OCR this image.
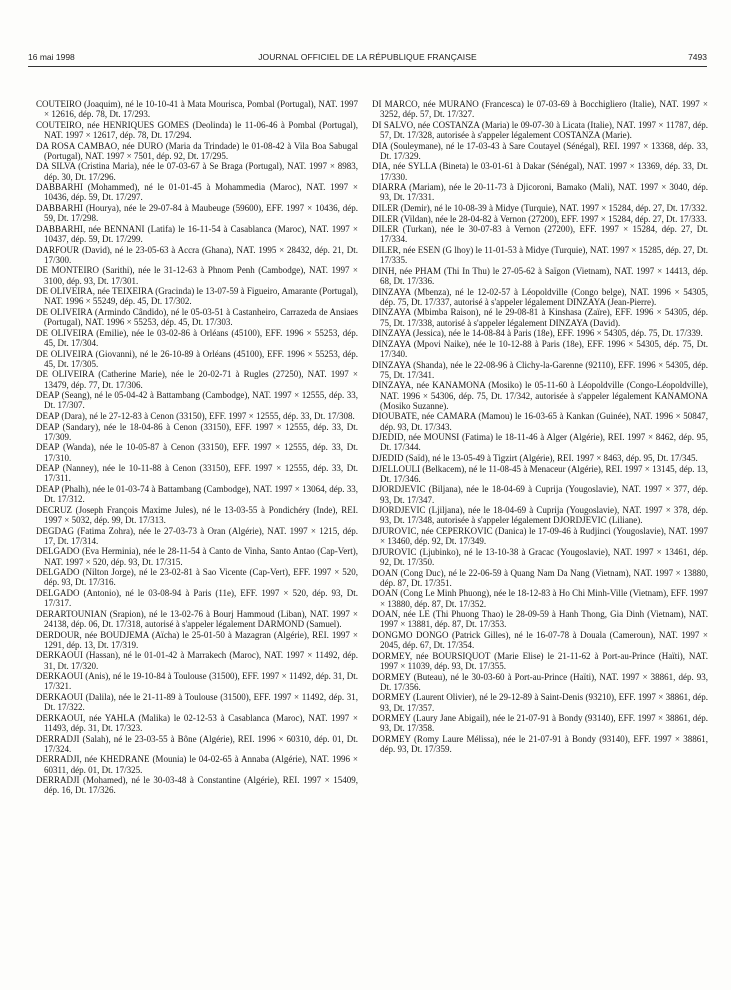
16 mai 1998	JOURNAL OFFICIEL DE LA RÉPUBLIQUE FRANÇAISE	7493

COUTEIRO (Joaquim), né le 10-10-41 à Mata Mourisca, Pombal (Portugal), NAT. 1997 × 12616, dép. 78, Dt. 17/293.

COUTEIRO, née HENRIQUES GOMES (Deolinda) le 11-06-46 à Pombal (Portugal), NAT. 1997 × 12617, dép. 78, Dt. 17/294.

DA ROSA CAMBAO, née DURO (Maria da Trindade) le 01-08-42 à Vila Boa Sabugal (Portugal), NAT. 1997 × 7501, dép. 92, Dt. 17/295.

DA SILVA (Cristina Maria), née le 07-03-67 à Se Braga (Portugal), NAT. 1997 × 8983, dép. 30, Dt. 17/296.

DABBARHI (Mohammed), né le 01-01-45 à Mohammedia (Maroc), NAT. 1997 × 10436, dép. 59, Dt. 17/297.

DABBARHI (Hourya), née le 29-07-84 à Maubeuge (59600), EFF. 1997 × 10436, dép. 59, Dt. 17/298.

DABBARHI, née BENNANI (Latifa) le 16-11-54 à Casablanca (Maroc), NAT. 1997 × 10437, dép. 59, Dt. 17/299.

DARFOUR (David), né le 23-05-63 à Accra (Ghana), NAT. 1995 × 28432, dép. 21, Dt. 17/300.

DE MONTEIRO (Sarithi), née le 31-12-63 à Phnom Penh (Cambodge), NAT. 1997 × 3100, dép. 93, Dt. 17/301.

DE OLIVEIRA, née TEIXEIRA (Gracinda) le 13-07-59 à Figueiro, Amarante (Portugal), NAT. 1996 × 55249, dép. 45, Dt. 17/302.

DE OLIVEIRA (Armindo Cândido), né le 05-03-51 à Castanheiro, Carrazeda de Ansiaes (Portugal), NAT. 1996 × 55253, dép. 45, Dt. 17/303.

DE OLIVEIRA (Emilie), née le 03-02-86 à Orléans (45100), EFF. 1996 × 55253, dép. 45, Dt. 17/304.

DE OLIVEIRA (Giovanni), né le 26-10-89 à Orléans (45100), EFF. 1996 × 55253, dép. 45, Dt. 17/305.

DE OLIVEIRA (Catherine Marie), née le 20-02-71 à Rugles (27250), NAT. 1997 × 13479, dép. 77, Dt. 17/306.

DEAP (Seang), né le 05-04-42 à Battambang (Cambodge), NAT. 1997 × 12555, dép. 33, Dt. 17/307.

DEAP (Dara), né le 27-12-83 à Cenon (33150), EFF. 1997 × 12555, dép. 33, Dt. 17/308.

DEAP (Sandary), née le 18-04-86 à Cenon (33150), EFF. 1997 × 12555, dép. 33, Dt. 17/309.

DEAP (Wanda), née le 10-05-87 à Cenon (33150), EFF. 1997 × 12555, dép. 33, Dt. 17/310.

DEAP (Nanney), née le 10-11-88 à Cenon (33150), EFF. 1997 × 12555, dép. 33, Dt. 17/311.

DEAP (Phalh), née le 01-03-74 à Battambang (Cambodge), NAT. 1997 × 13064, dép. 33, Dt. 17/312.

DECRUZ (Joseph François Maxime Jules), né le 13-03-55 à Pondichéry (Inde), REI. 1997 × 5032, dép. 99, Dt. 17/313.

DEGDAG (Fatima Zohra), née le 27-03-73 à Oran (Algérie), NAT. 1997 × 1215, dép. 17, Dt. 17/314.

DELGADO (Eva Herminia), née le 28-11-54 à Canto de Vinha, Santo Antao (Cap-Vert), NAT. 1997 × 520, dép. 93, Dt. 17/315.

DELGADO (Nilton Jorge), né le 23-02-81 à Sao Vicente (Cap-Vert), EFF. 1997 × 520, dép. 93, Dt. 17/316.

DELGADO (Antonio), né le 03-08-94 à Paris (11e), EFF. 1997 × 520, dép. 93, Dt. 17/317.

DERARTOUNIAN (Srapion), né le 13-02-76 à Bourj Hammoud (Liban), NAT. 1997 × 24138, dép. 06, Dt. 17/318, autorisé à s'appeler légalement DARMOND (Samuel).

DERDOUR, née BOUDJEMA (Aïcha) le 25-01-50 à Mazagran (Algérie), REI. 1997 × 1291, dép. 13, Dt. 17/319.

DERKAOUI (Hassan), né le 01-01-42 à Marrakech (Maroc), NAT. 1997 × 11492, dép. 31, Dt. 17/320.

DERKAOUI (Anis), né le 19-10-84 à Toulouse (31500), EFF. 1997 × 11492, dép. 31, Dt. 17/321.

DERKAOUI (Dalila), née le 21-11-89 à Toulouse (31500), EFF. 1997 × 11492, dép. 31, Dt. 17/322.

DERKAOUI, née YAHLA (Malika) le 02-12-53 à Casablanca (Maroc), NAT. 1997 × 11493, dép. 31, Dt. 17/323.

DERRADJI (Salah), né le 23-03-55 à Bône (Algérie), REI. 1996 × 60310, dép. 01, Dt. 17/324.

DERRADJI, née KHEDRANE (Mounia) le 04-02-65 à Annaba (Algérie), NAT. 1996 × 60311, dép. 01, Dt. 17/325.

DERRADJI (Mohamed), né le 30-03-48 à Constantine (Algérie), REI. 1997 × 15409, dép. 16, Dt. 17/326.

DI MARCO, née MURANO (Francesca) le 07-03-69 à Bocchigliero (Italie), NAT. 1997 × 3252, dép. 57, Dt. 17/327.

DI SALVO, née COSTANZA (Maria) le 09-07-30 à Licata (Italie), NAT. 1997 × 11787, dép. 57, Dt. 17/328, autorisée à s'appeler légalement COSTANZA (Marie).

DIA (Souleymane), né le 17-03-43 à Sare Coutayel (Sénégal), REI. 1997 × 13368, dép. 33, Dt. 17/329.

DIA, née SYLLA (Bineta) le 03-01-61 à Dakar (Sénégal), NAT. 1997 × 13369, dép. 33, Dt. 17/330.

DIARRA (Mariam), née le 20-11-73 à Djicoroni, Bamako (Mali), NAT. 1997 × 3040, dép. 93, Dt. 17/331.

DILER (Demir), né le 10-08-39 à Midye (Turquie), NAT. 1997 × 15284, dép. 27, Dt. 17/332.

DILER (Vildan), née le 28-04-82 à Vernon (27200), EFF. 1997 × 15284, dép. 27, Dt. 17/333.

DILER (Turkan), née le 30-07-83 à Vernon (27200), EFF. 1997 × 15284, dép. 27, Dt. 17/334.

DILER, née ESEN (G lhoy) le 11-01-53 à Midye (Turquie), NAT. 1997 × 15285, dép. 27, Dt. 17/335.

DINH, née PHAM (Thi In Thu) le 27-05-62 à Saïgon (Vietnam), NAT. 1997 × 14413, dép. 68, Dt. 17/336.

DINZAYA (Mbenza), né le 12-02-57 à Léopoldville (Congo belge), NAT. 1996 × 54305, dép. 75, Dt. 17/337, autorisé à s'appeler légalement DINZAYA (Jean-Pierre).

DINZAYA (Mbimba Raison), né le 29-08-81 à Kinshasa (Zaïre), EFF. 1996 × 54305, dép. 75, Dt. 17/338, autorisé à s'appeler légalement DINZAYA (David).

DINZAYA (Jessica), née le 14-08-84 à Paris (18e), EFF. 1996 × 54305, dép. 75, Dt. 17/339.

DINZAYA (Mpovi Naike), née le 10-12-88 à Paris (18e), EFF. 1996 × 54305, dép. 75, Dt. 17/340.

DINZAYA (Shanda), née le 22-08-96 à Clichy-la-Garenne (92110), EFF. 1996 × 54305, dép. 75, Dt. 17/341.

DINZAYA, née KANAMONA (Mosiko) le 05-11-60 à Léopoldville (Congo-Léopoldville), NAT. 1996 × 54306, dép. 75, Dt. 17/342, autorisée à s'appeler légalement KANAMONA (Mosiko Suzanne).

DIOUBATE, née CAMARA (Mamou) le 16-03-65 à Kankan (Guinée), NAT. 1996 × 50847, dép. 93, Dt. 17/343.

DJEDID, née MOUNSI (Fatima) le 18-11-46 à Alger (Algérie), REI. 1997 × 8462, dép. 95, Dt. 17/344.

DJEDID (Saïd), né le 13-05-49 à Tigzirt (Algérie), REI. 1997 × 8463, dép. 95, Dt. 17/345.

DJELLOULI (Belkacem), né le 11-08-45 à Menaceur (Algérie), REI. 1997 × 13145, dép. 13, Dt. 17/346.

DJORDJEVIC (Biljana), née le 18-04-69 à Cuprija (Yougoslavie), NAT. 1997 × 377, dép. 93, Dt. 17/347.

DJORDJEVIC (Ljiljana), née le 18-04-69 à Cuprija (Yougoslavie), NAT. 1997 × 378, dép. 93, Dt. 17/348, autorisée à s'appeler légalement DJORDJEVIC (Liliane).

DJUROVIC, née CEPERKOVIC (Danica) le 17-09-46 à Rudjinci (Yougoslavie), NAT. 1997 × 13460, dép. 92, Dt. 17/349.

DJUROVIC (Ljubinko), né le 13-10-38 à Gracac (Yougoslavie), NAT. 1997 × 13461, dép. 92, Dt. 17/350.

DOAN (Cong Duc), né le 22-06-59 à Quang Nam Da Nang (Vietnam), NAT. 1997 × 13880, dép. 87, Dt. 17/351.

DOAN (Cong Le Minh Phuong), née le 18-12-83 à Ho Chi Minh-Ville (Vietnam), EFF. 1997 × 13880, dép. 87, Dt. 17/352.

DOAN, née LE (Thi Phuong Thao) le 28-09-59 à Hanh Thong, Gia Dinh (Vietnam), NAT. 1997 × 13881, dép. 87, Dt. 17/353.

DONGMO DONGO (Patrick Gilles), né le 16-07-78 à Douala (Cameroun), NAT. 1997 × 2045, dép. 67, Dt. 17/354.

DORMEY, née BOURSIQUOT (Marie Elise) le 21-11-62 à Port-au-Prince (Haïti), NAT. 1997 × 11039, dép. 93, Dt. 17/355.

DORMEY (Buteau), né le 30-03-60 à Port-au-Prince (Haïti), NAT. 1997 × 38861, dép. 93, Dt. 17/356.

DORMEY (Laurent Olivier), né le 29-12-89 à Saint-Denis (93210), EFF. 1997 × 38861, dép. 93, Dt. 17/357.

DORMEY (Laury Jane Abigail), née le 21-07-91 à Bondy (93140), EFF. 1997 × 38861, dép. 93, Dt. 17/358.

DORMEY (Romy Laure Mélissa), née le 21-07-91 à Bondy (93140), EFF. 1997 × 38861, dép. 93, Dt. 17/359.
